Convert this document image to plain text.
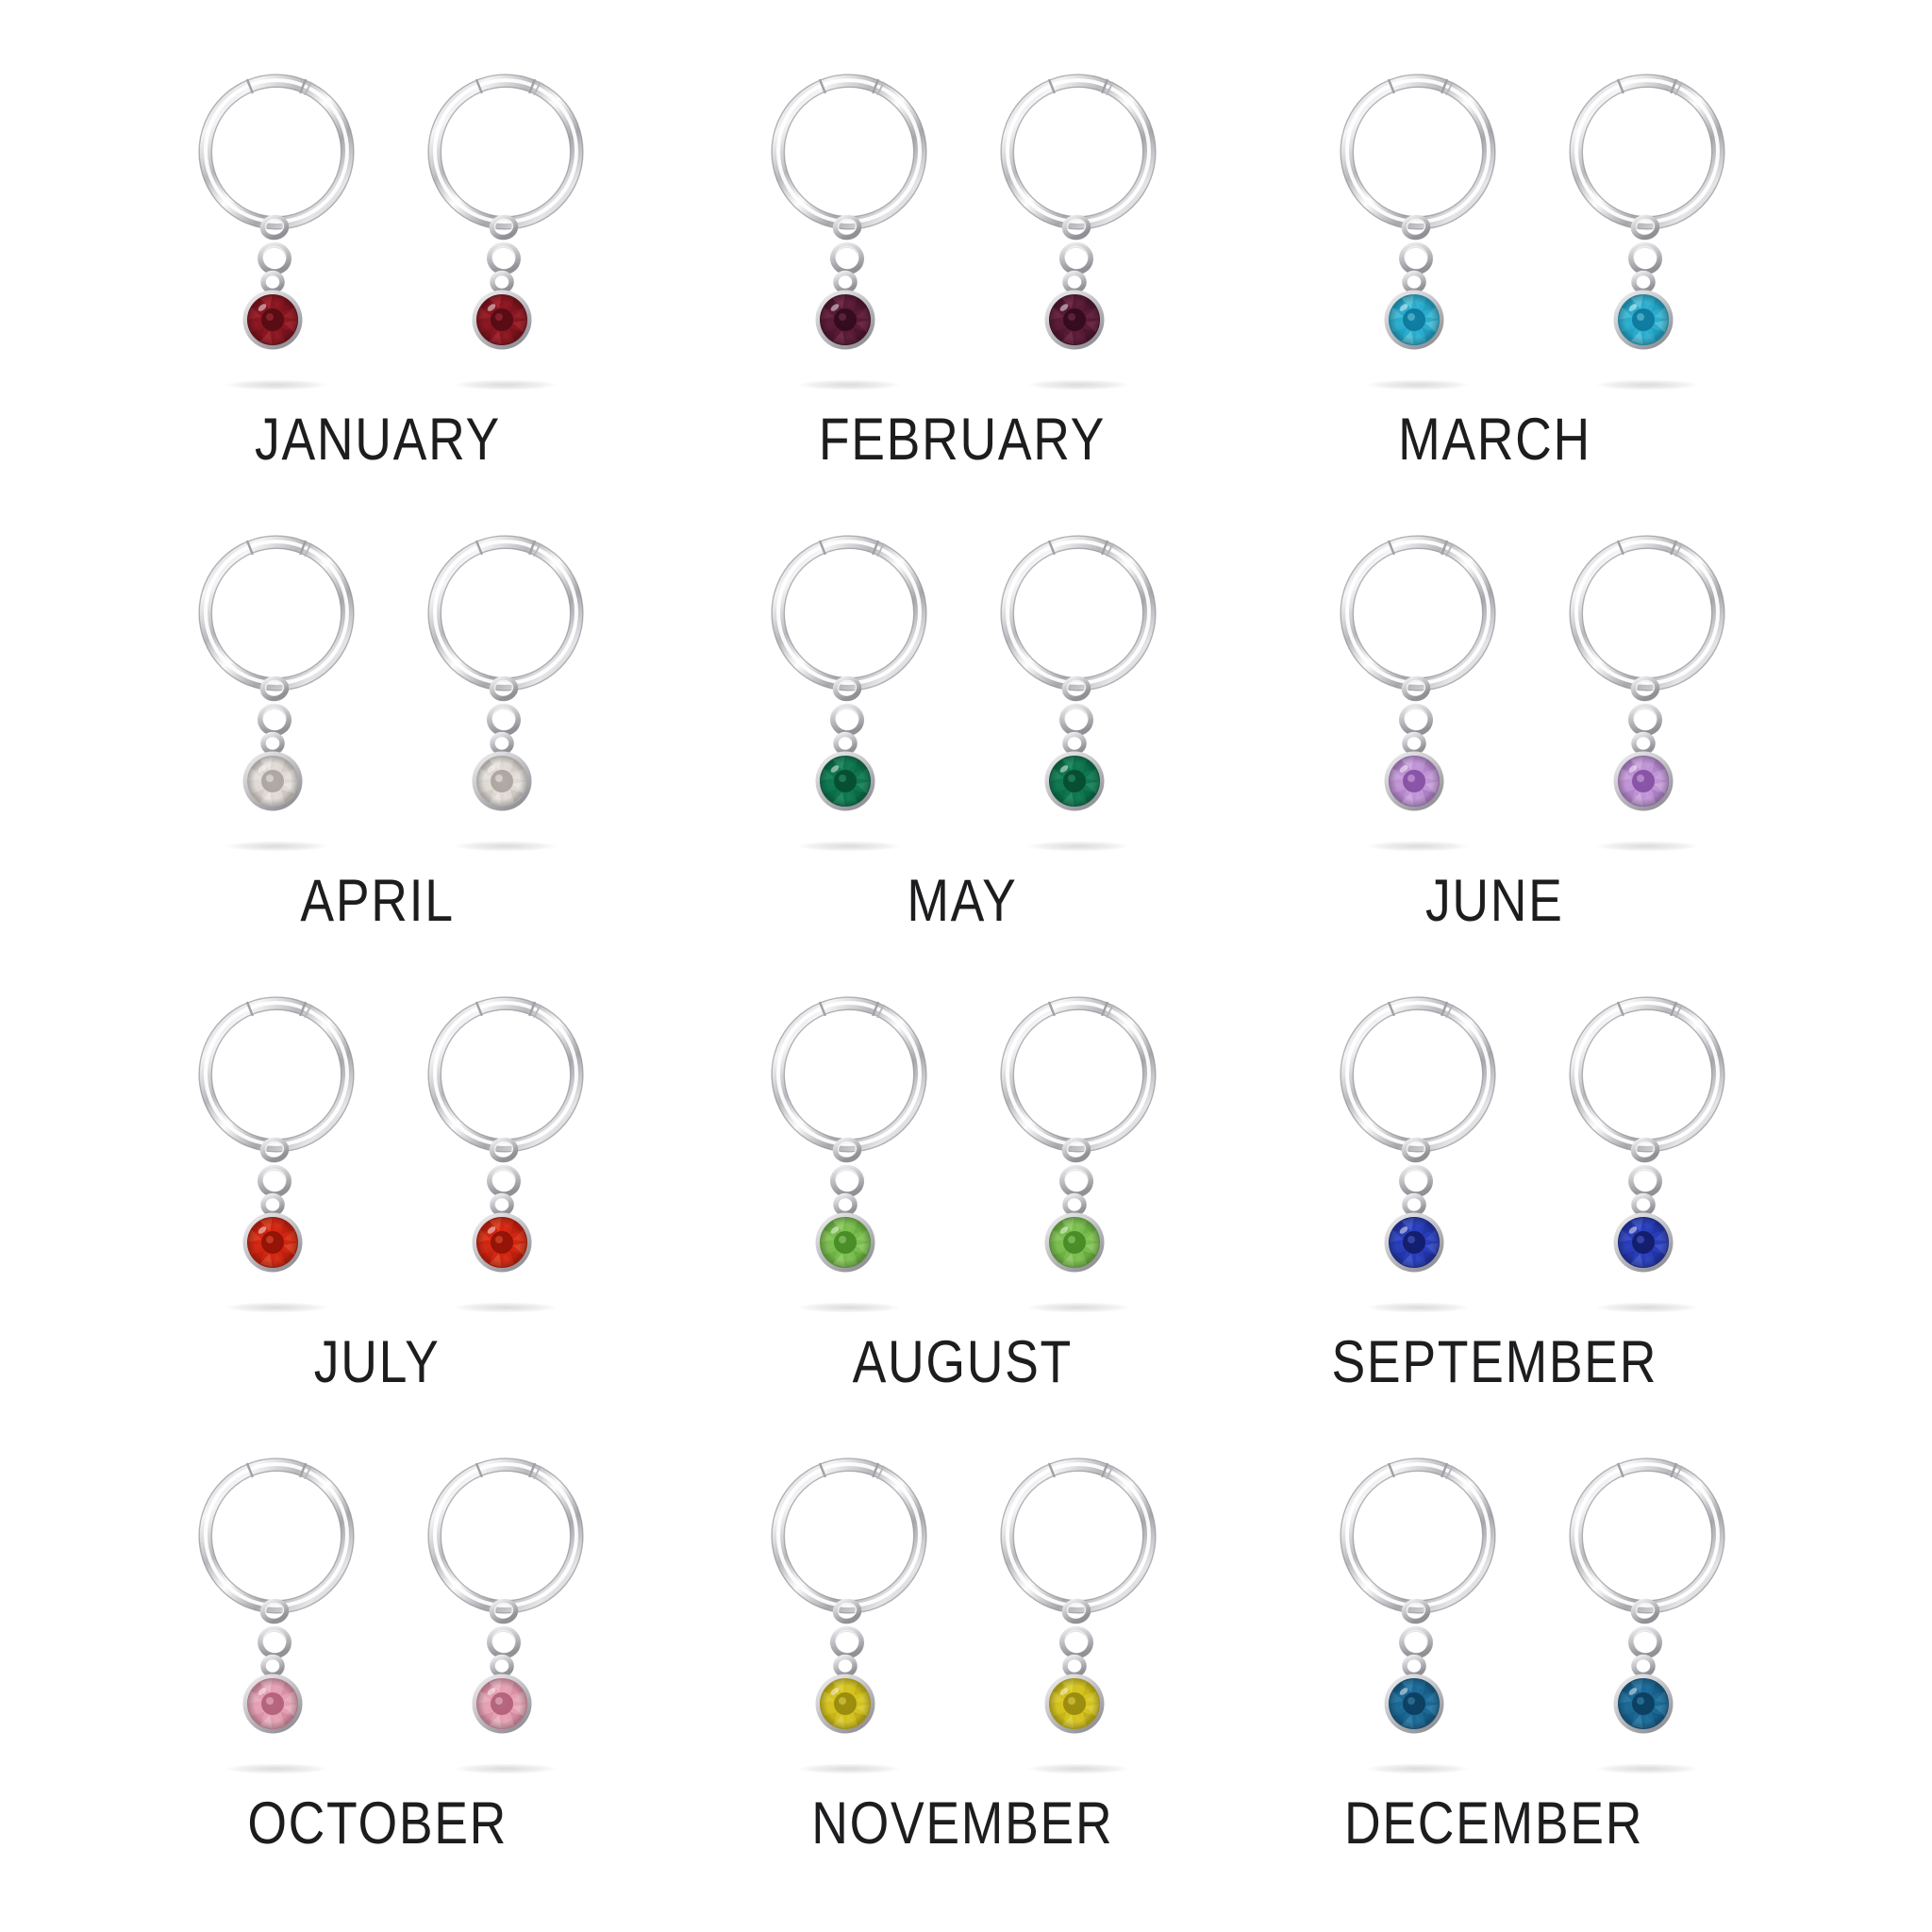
JANUARY	FEBRUARY	MARCH
APRIL	MAY	JUNE
JULY	AUGUST	SEPTEMBER
OCTOBER	NOVEMBER	DECEMBER
